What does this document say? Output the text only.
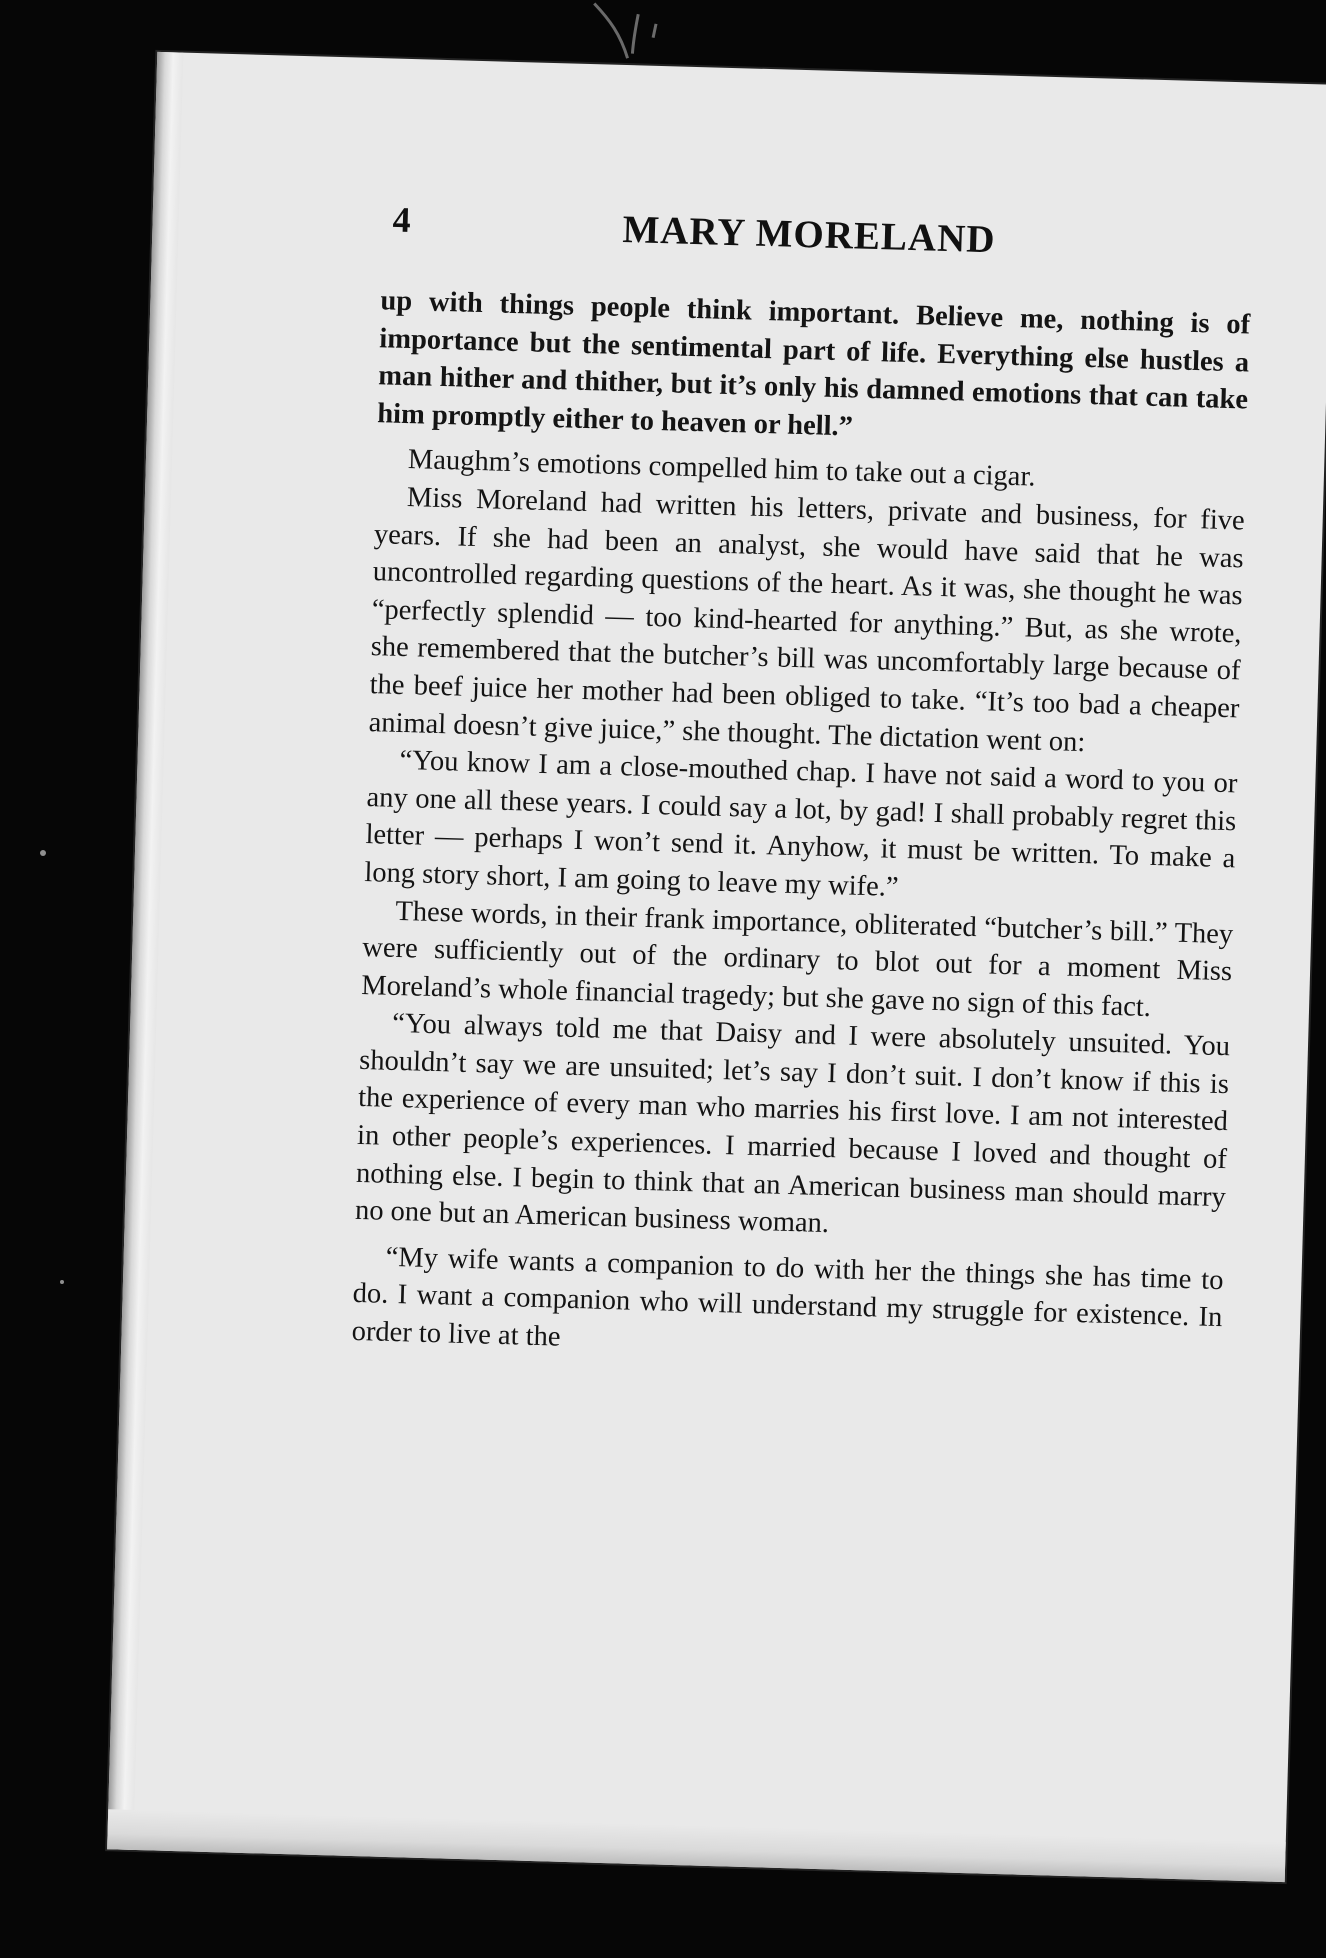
4	MARY MORELAND

up with things people think important. Believe me, nothing is of importance but the sentimental part of life. Everything else hustles a man hither and thither, but it’s only his damned emotions that can take him promptly either to heaven or hell.”

Maughm’s emotions compelled him to take out a cigar.

Miss Moreland had written his letters, private and business, for five years. If she had been an analyst, she would have said that he was uncontrolled regarding questions of the heart. As it was, she thought he was “perfectly splendid — too kind-hearted for anything.” But, as she wrote, she remembered that the butcher’s bill was uncomfortably large because of the beef juice her mother had been obliged to take. “It’s too bad a cheaper animal doesn’t give juice,” she thought. The dictation went on:

“You know I am a close-mouthed chap. I have not said a word to you or any one all these years. I could say a lot, by gad! I shall probably regret this letter — perhaps I won’t send it. Anyhow, it must be written. To make a long story short, I am going to leave my wife.”

These words, in their frank importance, obliterated “butcher’s bill.” They were sufficiently out of the ordinary to blot out for a moment Miss Moreland’s whole financial tragedy; but she gave no sign of this fact.

“You always told me that Daisy and I were absolutely unsuited. You shouldn’t say we are unsuited; let’s say I don’t suit. I don’t know if this is the experience of every man who marries his first love. I am not interested in other people’s experiences. I married because I loved and thought of nothing else. I begin to think that an American business man should marry no one but an American business woman.

“My wife wants a companion to do with her the things she has time to do. I want a companion who will understand my struggle for existence. In order to live at the
